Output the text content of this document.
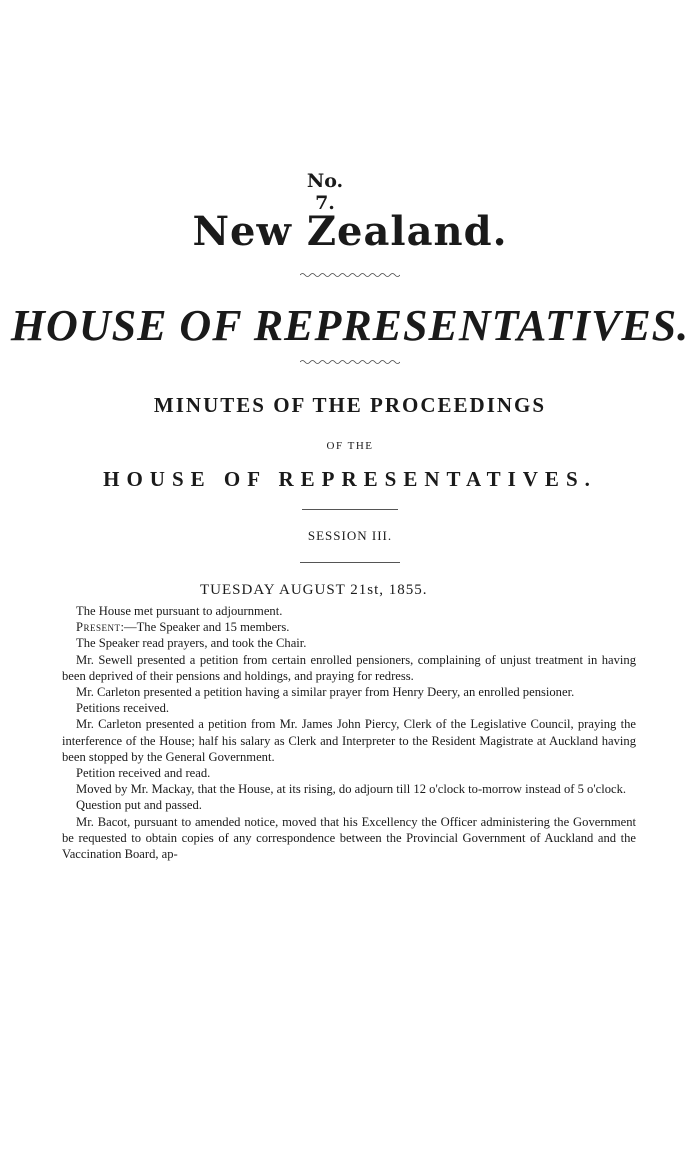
No. 7.
New Zealand.
HOUSE OF REPRESENTATIVES.
MINUTES OF THE PROCEEDINGS
OF THE
HOUSE OF REPRESENTATIVES.
SESSION III.
TUESDAY AUGUST 21st, 1855.

The House met pursuant to adjournment.

Present:—The Speaker and 15 members.

The Speaker read prayers, and took the Chair.

Mr. Sewell presented a petition from certain enrolled pensioners, complaining of unjust treatment in having been deprived of their pensions and holdings, and praying for redress.

Mr. Carleton presented a petition having a similar prayer from Henry Deery, an enrolled pensioner.

Petitions received.

Mr. Carleton presented a petition from Mr. James John Piercy, Clerk of the Legislative Council, praying the interference of the House; half his salary as Clerk and Interpreter to the Resident Magistrate at Auckland having been stopped by the General Government.

Petition received and read.

Moved by Mr. Mackay, that the House, at its rising, do adjourn till 12 o'clock to-morrow instead of 5 o'clock.

Question put and passed.

Mr. Bacot, pursuant to amended notice, moved that his Excellency the Officer administering the Government be requested to obtain copies of any correspondence between the Provincial Government of Auckland and the Vaccination Board, ap-
